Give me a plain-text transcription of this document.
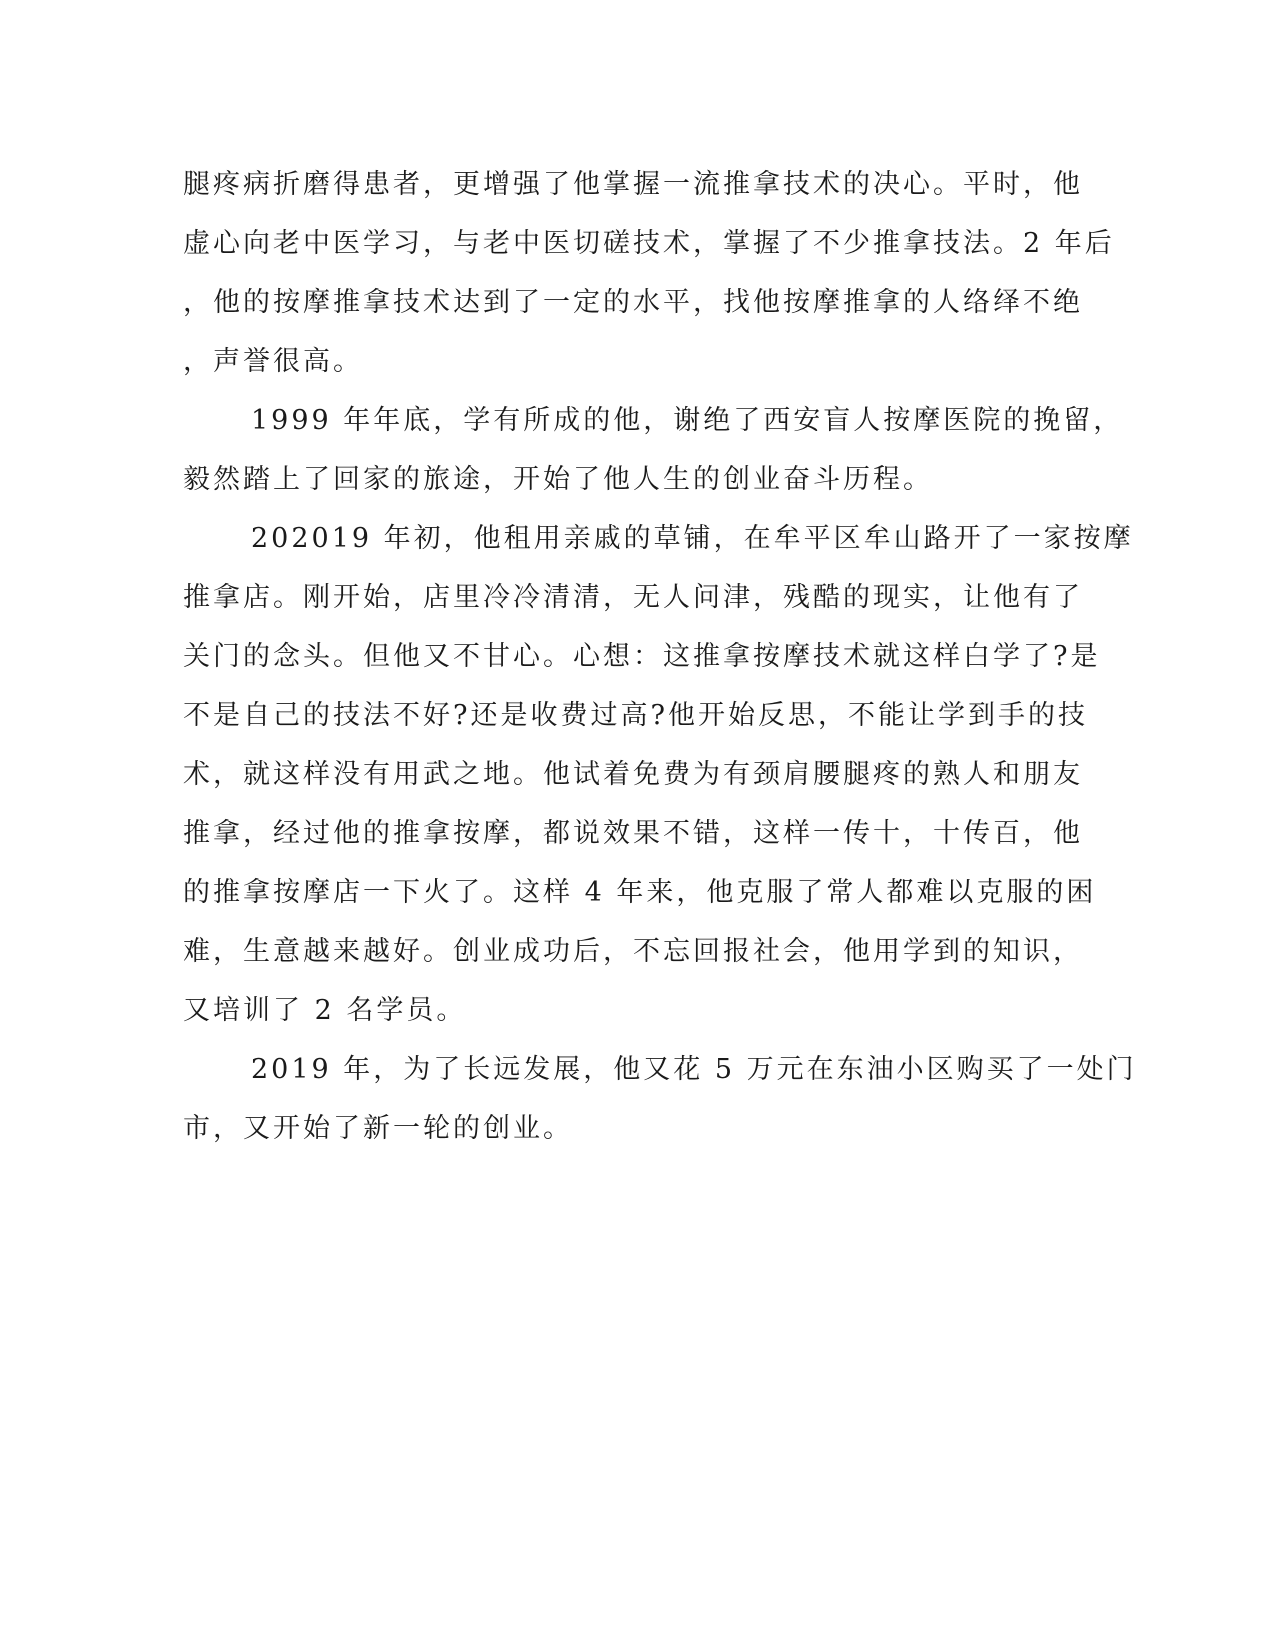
腿疼病折磨得患者，更增强了他掌握一流推拿技术的决心。平时，他
虚心向老中医学习，与老中医切磋技术，掌握了不少推拿技法。2 年后
，他的按摩推拿技术达到了一定的水平，找他按摩推拿的人络绎不绝
，声誉很高。
1999 年年底，学有所成的他，谢绝了西安盲人按摩医院的挽留，
毅然踏上了回家的旅途，开始了他人生的创业奋斗历程。
202019 年初，他租用亲戚的草铺，在牟平区牟山路开了一家按摩
推拿店。刚开始，店里冷冷清清，无人问津，残酷的现实，让他有了
关门的念头。但他又不甘心。心想：这推拿按摩技术就这样白学了?是
不是自己的技法不好?还是收费过高?他开始反思，不能让学到手的技
术，就这样没有用武之地。他试着免费为有颈肩腰腿疼的熟人和朋友
推拿，经过他的推拿按摩，都说效果不错，这样一传十，十传百，他
的推拿按摩店一下火了。这样 4 年来，他克服了常人都难以克服的困
难，生意越来越好。创业成功后，不忘回报社会，他用学到的知识，
又培训了 2 名学员。
2019 年，为了长远发展，他又花 5 万元在东油小区购买了一处门
市，又开始了新一轮的创业。
